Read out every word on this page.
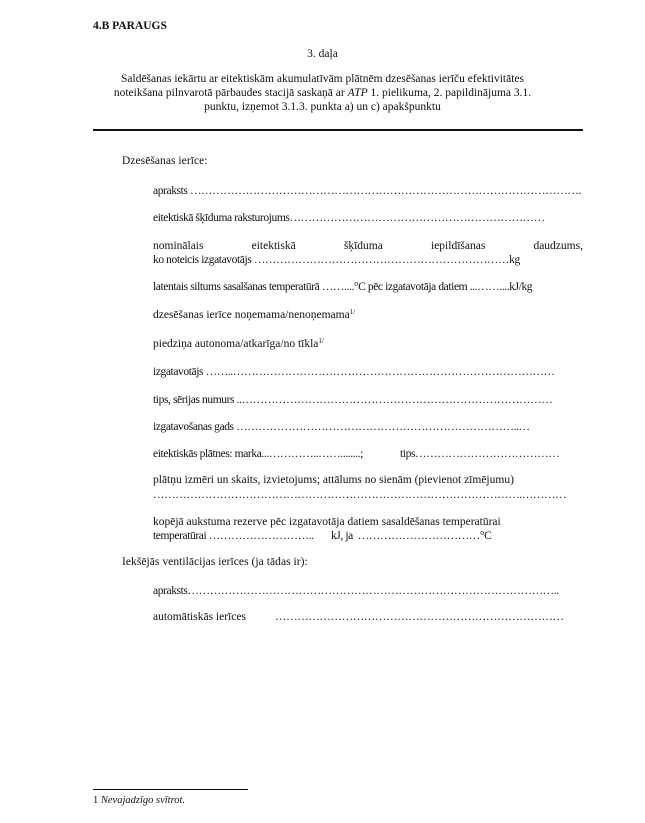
4.B PARAUGS
3. daļa
Saldēšanas iekārtu ar eitektiskām akumulatīvām plātnēm dzesēšanas ierīču efektivitātes
noteikšana pilnvarotā pārbaudes stacijā saskaņā ar ATP 1. pielikuma, 2. papildinājuma 3.1.
punktu, izņemot 3.1.3. punkta a) un c) apakšpunktu
Dzesēšanas ierīce:
apraksts …………………………………………………………………………………………….
eitektiskā šķīduma raksturojums……………………………………………………………
nominālais	eitektiskā	šķīduma	iepildīšanas	daudzums,
ko noteicis izgatavotājs ……………………………………………………………kg
latentais siltums sasalšanas temperatūrā ……....°C pēc izgatavotāja datiem ...……....kJ/kg
dzesēšanas ierīce noņemama/nenoņemama$^{1/}$
piedziņa autonoma/atkarīga/no tīkla$^{1/}$
izgatavotājs ……..……………………………………………………………………………
tips, sērijas numurs ..…………………………………………………………………………
izgatavošanas gads …………………………………………………………………..…
eitektiskās plātnes: marka...…………..……........;	tips…………………………………
plātņu izmēri un skaits, izvietojums; attālums no sienām (pievienot zīmējumu)
……………………………………………………………………………………….…………
kopējā aukstuma rezerve pēc izgatavotāja datiem sasaldēšanas temperatūrai
temperatūrai ………………………..       kJ, ja  ……………………………°C
Iekšējās ventilācijas ierīces (ja tādas ir):
apraksts………………………………………………………………………………………..
automātiskās ierīces	……………………………………………………………………
1 Nevajadzīgo svītrot.
